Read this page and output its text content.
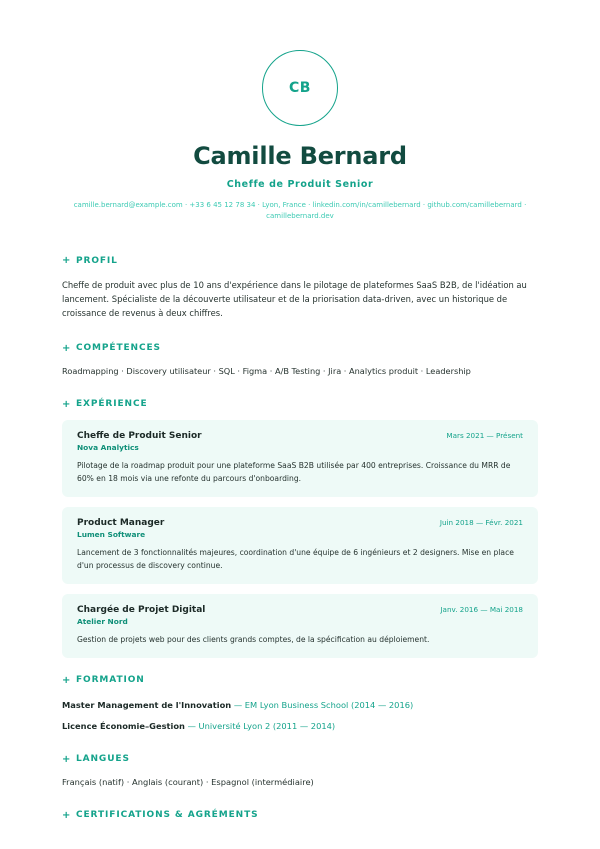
CB
Camille Bernard
Cheffe de Produit Senior
camille.bernard@example.com · +33 6 45 12 78 34 · Lyon, France · linkedin.com/in/camillebernard · github.com/camillebernard ·
camillebernard.dev
+ PROFIL
Cheffe de produit avec plus de 10 ans d'expérience dans le pilotage de plateformes SaaS B2B, de l'idéation au lancement. Spécialiste de la découverte utilisateur et de la priorisation data-driven, avec un historique de croissance de revenus à deux chiffres.
+ COMPÉTENCES
Roadmapping · Discovery utilisateur · SQL · Figma · A/B Testing · Jira · Analytics produit · Leadership
+ EXPÉRIENCE
Cheffe de Produit Senior	Mars 2021 — Présent
Nova Analytics
Pilotage de la roadmap produit pour une plateforme SaaS B2B utilisée par 400 entreprises. Croissance du MRR de 60% en 18 mois via une refonte du parcours d'onboarding.
Product Manager	Juin 2018 — Févr. 2021
Lumen Software
Lancement de 3 fonctionnalités majeures, coordination d'une équipe de 6 ingénieurs et 2 designers. Mise en place d'un processus de discovery continue.
Chargée de Projet Digital	Janv. 2016 — Mai 2018
Atelier Nord
Gestion de projets web pour des clients grands comptes, de la spécification au déploiement.
+ FORMATION
Master Management de l'Innovation — EM Lyon Business School (2014 — 2016)
Licence Économie–Gestion — Université Lyon 2 (2011 — 2014)
+ LANGUES
Français (natif) · Anglais (courant) · Espagnol (intermédiaire)
+ CERTIFICATIONS & AGRÉMENTS
